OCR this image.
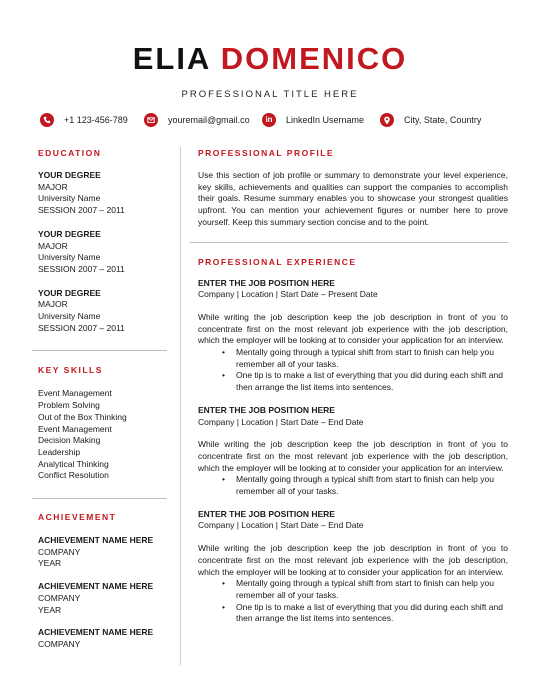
ELIA DOMENICO
PROFESSIONAL TITLE HERE
+1 123-456-789	youremail@gmail.co in LinkedIn Username	City, State, Country
EDUCATION
YOUR DEGREE
MAJOR
University Name
SESSION 2007 – 2011
YOUR DEGREE
MAJOR
University Name
SESSION 2007 – 2011
YOUR DEGREE
MAJOR
University Name
SESSION 2007 – 2011
KEY SKILLS
Event Management
Problem Solving
Out of the Box Thinking
Event Management
Decision Making
Leadership
Analytical Thinking
Conflict Resolution
ACHIEVEMENT
ACHIEVEMENT NAME HERE
COMPANY
YEAR
ACHIEVEMENT NAME HERE
COMPANY
YEAR
ACHIEVEMENT NAME HERE
COMPANY
PROFESSIONAL PROFILE
Use this section of job profile or summary to demonstrate your level experience, key skills, achievements and qualities can support the companies to accomplish their goals. Resume summary enables you to showcase your strongest qualities upfront. You can mention your achievement figures or number here to prove yourself. Keep this summary section concise and to the point.
PROFESSIONAL EXPERIENCE
ENTER THE JOB POSITION HERE
Company | Location | Start Date – Present Date
While writing the job description keep the job description in front of you to concentrate first on the most relevant job experience with the job description, which the employer will be looking at to consider your application for an interview.
• Mentally going through a typical shift from start to finish can help you remember all of your tasks.
• One tip is to make a list of everything that you did during each shift and then arrange the list items into sentences.
ENTER THE JOB POSITION HERE
Company | Location | Start Date – End Date
While writing the job description keep the job description in front of you to concentrate first on the most relevant job experience with the job description, which the employer will be looking at to consider your application for an interview.
• Mentally going through a typical shift from start to finish can help you remember all of your tasks.
ENTER THE JOB POSITION HERE
Company | Location | Start Date – End Date
While writing the job description keep the job description in front of you to concentrate first on the most relevant job experience with the job description, which the employer will be looking at to consider your application for an interview.
• Mentally going through a typical shift from start to finish can help you remember all of your tasks.
• One tip is to make a list of everything that you did during each shift and then arrange the list items into sentences.
